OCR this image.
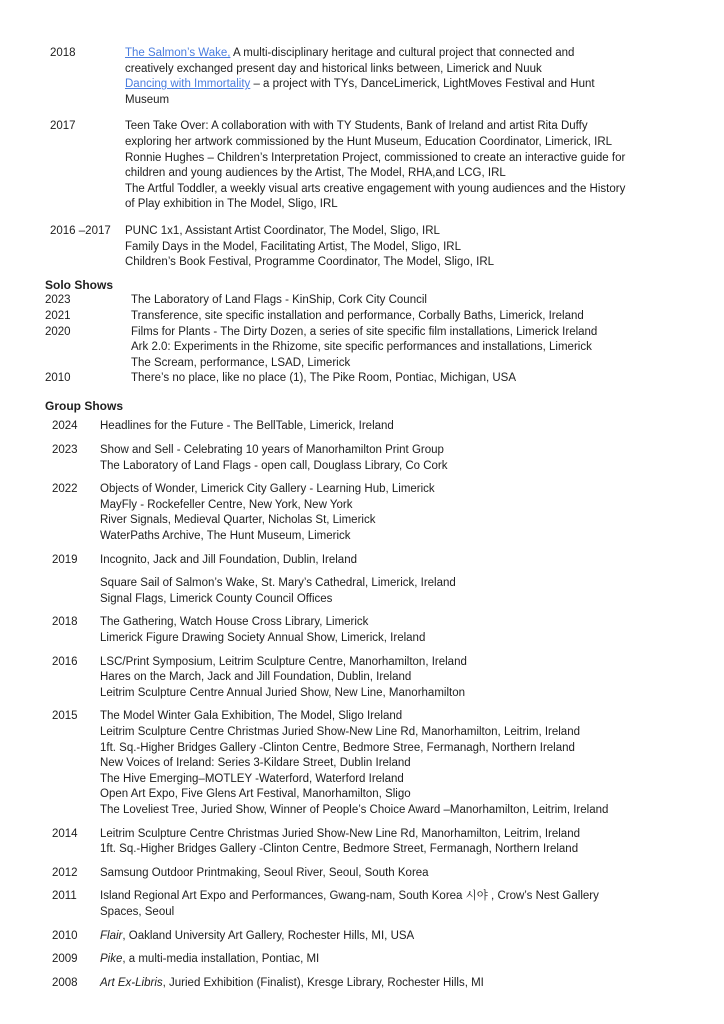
2018	The Salmon’s Wake, A multi-disciplinary heritage and cultural project that connected and
creatively exchanged present day and historical links between, Limerick and Nuuk
Dancing with Immortality – a project with TYs, DanceLimerick, LightMoves Festival and Hunt
Museum
2017	Teen Take Over: A collaboration with with TY Students, Bank of Ireland and artist Rita Duffy
exploring her artwork commissioned by the Hunt Museum, Education Coordinator, Limerick, IRL
Ronnie Hughes – Children’s Interpretation Project, commissioned to create an interactive guide for
children and young audiences by the Artist, The Model, RHA,and LCG, IRL
The Artful Toddler, a weekly visual arts creative engagement with young audiences and the History
of Play exhibition in The Model, Sligo, IRL
2016 –2017	PUNC 1x1, Assistant Artist Coordinator, The Model, Sligo, IRL
Family Days in the Model, Facilitating Artist, The Model, Sligo, IRL
Children’s Book Festival, Programme Coordinator, The Model, Sligo, IRL
Solo Shows
2023	The Laboratory of Land Flags - KinShip, Cork City Council
2021	Transference, site specific installation and performance, Corbally Baths, Limerick, Ireland
2020	Films for Plants - The Dirty Dozen, a series of site specific film installations, Limerick Ireland
Ark 2.0: Experiments in the Rhizome, site specific performances and installations, Limerick
The Scream, performance, LSAD, Limerick
2010	There’s no place, like no place (1), The Pike Room, Pontiac, Michigan, USA
Group Shows
2024	Headlines for the Future - The BellTable, Limerick, Ireland
2023	Show and Sell - Celebrating 10 years of Manorhamilton Print Group
The Laboratory of Land Flags - open call, Douglass Library, Co Cork
2022	Objects of Wonder, Limerick City Gallery - Learning Hub, Limerick
MayFly - Rockefeller Centre, New York, New York
River Signals, Medieval Quarter, Nicholas St, Limerick
WaterPaths Archive, The Hunt Museum, Limerick
2019	Incognito, Jack and Jill Foundation, Dublin, Ireland
Square Sail of Salmon’s Wake, St. Mary’s Cathedral, Limerick, Ireland
Signal Flags, Limerick County Council Offices
2018	The Gathering, Watch House Cross Library, Limerick
Limerick Figure Drawing Society Annual Show, Limerick, Ireland
2016	LSC/Print Symposium, Leitrim Sculpture Centre, Manorhamilton, Ireland
Hares on the March, Jack and Jill Foundation, Dublin, Ireland
Leitrim Sculpture Centre Annual Juried Show, New Line, Manorhamilton
2015	The Model Winter Gala Exhibition, The Model, Sligo Ireland
Leitrim Sculpture Centre Christmas Juried Show-New Line Rd, Manorhamilton, Leitrim, Ireland
1ft. Sq.-Higher Bridges Gallery -Clinton Centre, Bedmore Stree, Fermanagh, Northern Ireland
New Voices of Ireland: Series 3-Kildare Street, Dublin Ireland
The Hive Emerging–MOTLEY -Waterford, Waterford Ireland
Open Art Expo, Five Glens Art Festival, Manorhamilton, Sligo
The Loveliest Tree, Juried Show, Winner of People’s Choice Award –Manorhamilton, Leitrim, Ireland
2014	Leitrim Sculpture Centre Christmas Juried Show-New Line Rd, Manorhamilton, Leitrim, Ireland
1ft. Sq.-Higher Bridges Gallery -Clinton Centre, Bedmore Street, Fermanagh, Northern Ireland
2012	Samsung Outdoor Printmaking, Seoul River, Seoul, South Korea
2011	Island Regional Art Expo and Performances, Gwang-nam, South Korea 시야 , Crow’s Nest Gallery
Spaces, Seoul
2010	Flair, Oakland University Art Gallery, Rochester Hills, MI, USA
2009	Pike, a multi-media installation, Pontiac, MI
2008	Art Ex-Libris, Juried Exhibition (Finalist), Kresge Library, Rochester Hills, MI
